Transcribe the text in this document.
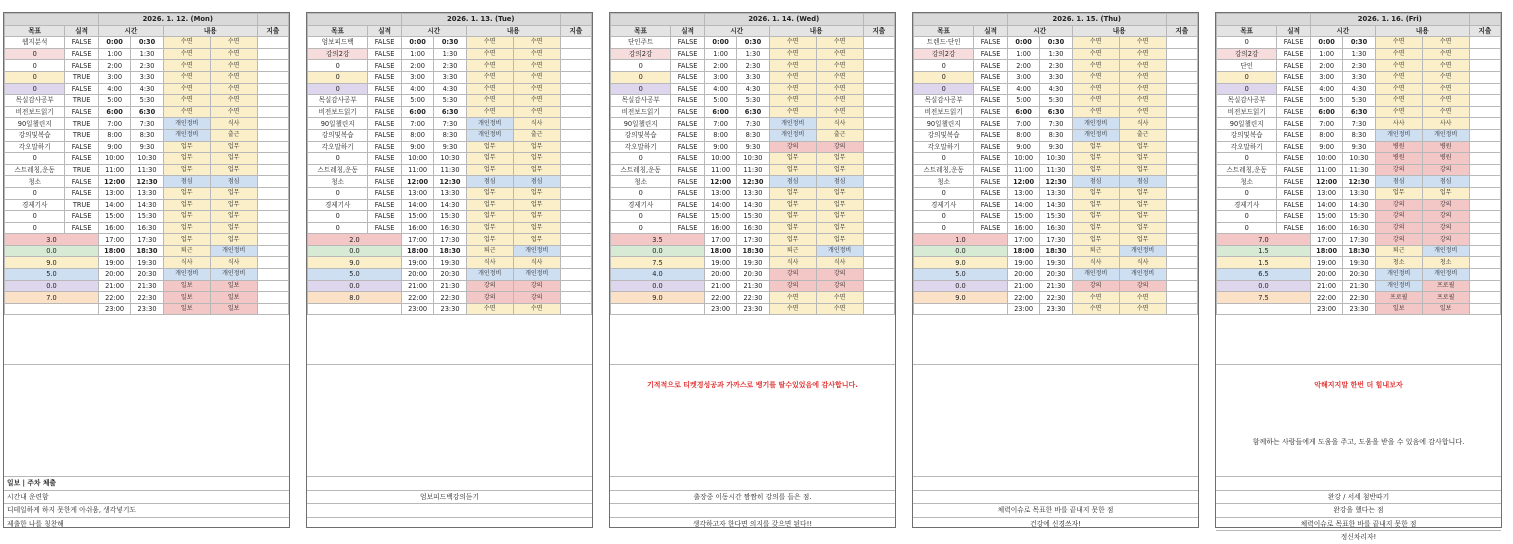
		2026. 1. 12. (Mon)				
목표	실적	시간		내용		지출
웹지분석	FALSE	0:00	0:30	수면	수면	
0	FALSE	1:00	1:30	수면	수면	
0	FALSE	2:00	2:30	수면	수면	
0	TRUE	3:00	3:30	수면	수면	
0	FALSE	4:00	4:30	수면	수면	
목실감사공부	TRUE	5:00	5:30	수면	수면	
비전보드읽기	FALSE	6:00	6:30	수면	수면	
90일챌린지	TRUE	7:00	7:30	개인정비	식사	
강의및복습	TRUE	8:00	8:30	개인정비	출근	
각오말하기	FALSE	9:00	9:30	업무	업무	
0	FALSE	10:00	10:30	업무	업무	
스트레칭,운동	TRUE	11:00	11:30	업무	업무	
청소	FALSE	12:00	12:30	점심	점심	
0	FALSE	13:00	13:30	업무	업무	
경제기사	TRUE	14:00	14:30	업무	업무	
0	FALSE	15:00	15:30	업무	업무	
0	FALSE	16:00	16:30	업무	업무	
3.0		17:00	17:30	업무	업무	
0.0		18:00	18:30	퇴근	개인정비	
9.0		19:00	19:30	식사	식사	
5.0		20:00	20:30	개인정비	개인정비	
0.0		21:00	21:30	일보	일보	
7.0		22:00	22:30	일보	일보	
		23:00	23:30	일보	일보	
일보 | 주차 체출
시간내 운련함
디테일하게 하지 못한게 아쉬움, 생각넣기도
제출한 나를 칭찬해
		2026. 1. 13. (Tue)				
목표	실적	시간		내용		지출
엄보피드백	FALSE	0:00	0:30	수면	수면	
강의2강	FALSE	1:00	1:30	수면	수면	
0	FALSE	2:00	2:30	수면	수면	
0	FALSE	3:00	3:30	수면	수면	
0	FALSE	4:00	4:30	수면	수면	
목실감사공부	FALSE	5:00	5:30	수면	수면	
비전보드읽기	FALSE	6:00	6:30	수면	수면	
90일챌린지	FALSE	7:00	7:30	개인정비	식사	
강의및복습	FALSE	8:00	8:30	개인정비	출근	
각오말하기	FALSE	9:00	9:30	업무	업무	
0	FALSE	10:00	10:30	업무	업무	
스트레칭,운동	FALSE	11:00	11:30	업무	업무	
청소	FALSE	12:00	12:30	점심	점심	
0	FALSE	13:00	13:30	업무	업무	
경제기사	FALSE	14:00	14:30	업무	업무	
0	FALSE	15:00	15:30	업무	업무	
0	FALSE	16:00	16:30	업무	업무	
2.0		17:00	17:30	업무	업무	
0.0		18:00	18:30	퇴근	개인정비	
9.0		19:00	19:30	식사	식사	
5.0		20:00	20:30	개인정비	개인정비	
0.0		21:00	21:30	강의	강의	
8.0		22:00	22:30	강의	강의	
		23:00	23:30	수면	수면	
엄보피드백강의듣기
		2026. 1. 14. (Wed)				
목표	실적	시간		내용		지출
단인주트	FALSE	0:00	0:30	수면	수면	
강의2강	FALSE	1:00	1:30	수면	수면	
0	FALSE	2:00	2:30	수면	수면	
0	FALSE	3:00	3:30	수면	수면	
0	FALSE	4:00	4:30	수면	수면	
목실감사공부	FALSE	5:00	5:30	수면	수면	
비전보드읽기	FALSE	6:00	6:30	수면	수면	
90일챌린지	FALSE	7:00	7:30	개인정비	식사	
강의및복습	FALSE	8:00	8:30	개인정비	출근	
각오말하기	FALSE	9:00	9:30	강의	강의	
0	FALSE	10:00	10:30	업무	업무	
스트레칭,운동	FALSE	11:00	11:30	업무	업무	
청소	FALSE	12:00	12:30	점심	점심	
0	FALSE	13:00	13:30	업무	업무	
경제기사	FALSE	14:00	14:30	업무	업무	
0	FALSE	15:00	15:30	업무	업무	
0	FALSE	16:00	16:30	업무	업무	
3.5		17:00	17:30	업무	업무	
0.0		18:00	18:30	퇴근	개인정비	
7.5		19:00	19:30	식사	식사	
4.0		20:00	20:30	강의	강의	
0.0		21:00	21:30	강의	강의	
9.0		22:00	22:30	수면	수면	
		23:00	23:30	수면	수면	
기적적으로 티켓경성공과 가까스로 뱅기를 탈수있었음에 감사합니다.
출장중 이동시간 짬짬히 강의를 들은 점.
생각하고자 한다면 의지를 갖으면 된다!!
		2026. 1. 15. (Thu)				
목표	실적	시간		내용		지출
트렌드·단인	FALSE	0:00	0:30	수면	수면	
강의2강	FALSE	1:00	1:30	수면	수면	
0	FALSE	2:00	2:30	수면	수면	
0	FALSE	3:00	3:30	수면	수면	
0	FALSE	4:00	4:30	수면	수면	
목실감사공부	FALSE	5:00	5:30	수면	수면	
비전보드읽기	FALSE	6:00	6:30	수면	수면	
90일챌린지	FALSE	7:00	7:30	개인정비	식사	
강의및복습	FALSE	8:00	8:30	개인정비	출근	
각오말하기	FALSE	9:00	9:30	업무	업무	
0	FALSE	10:00	10:30	업무	업무	
스트레칭,운동	FALSE	11:00	11:30	업무	업무	
청소	FALSE	12:00	12:30	점심	점심	
0	FALSE	13:00	13:30	업무	업무	
경제기사	FALSE	14:00	14:30	업무	업무	
0	FALSE	15:00	15:30	업무	업무	
0	FALSE	16:00	16:30	업무	업무	
1.0		17:00	17:30	업무	업무	
0.0		18:00	18:30	퇴근	개인정비	
9.0		19:00	19:30	식사	식사	
5.0		20:00	20:30	개인정비	개인정비	
0.0		21:00	21:30	강의	강의	
9.0		22:00	22:30	수면	수면	
		23:00	23:30	수면	수면	
체력이슈로 목표한 바를 끝내지 못한 점
건강에 신경쓰자!
		2026. 1. 16. (Fri)				
목표	실적	시간		내용		지출
0	FALSE	0:00	0:30	수면	수면	
강의2강	FALSE	1:00	1:30	수면	수면	
단인	FALSE	2:00	2:30	수면	수면	
0	FALSE	3:00	3:30	수면	수면	
0	FALSE	4:00	4:30	수면	수면	
목실감사공부	FALSE	5:00	5:30	수면	수면	
비전보드읽기	FALSE	6:00	6:30	수면	수면	
90일챌린지	FALSE	7:00	7:30	사사	사사	
강의및복습	FALSE	8:00	8:30	개인정비	개인정비	
각오말하기	FALSE	9:00	9:30	병원	병원	
0	FALSE	10:00	10:30	병원	병원	
스트레칭,운동	FALSE	11:00	11:30	강의	강의	
청소	FALSE	12:00	12:30	점심	점심	
0	FALSE	13:00	13:30	업무	업무	
경제기사	FALSE	14:00	14:30	강의	강의	
0	FALSE	15:00	15:30	강의	강의	
0	FALSE	16:00	16:30	강의	강의	
7.0		17:00	17:30	강의	강의	
1.5		18:00	18:30	퇴근	개인정비	
1.5		19:00	19:30	청소	청소	
6.5		20:00	20:30	개인정비	개인정비	
0.0		21:00	21:30	개인정비	프로필	
7.5		22:00	22:30	프로필	프로필	
		23:00	23:30	일보	일보	
악해지지말 한번 더 힘내보자
함께하는 사람들에게 도움을 주고, 도움을 받을 수 있음에 감사합니다.
완강 / 서세 첨반따기
완강을 했다는 점
체력이슈로 목표한 바를 끝내지 못한 점
정신차리자!
